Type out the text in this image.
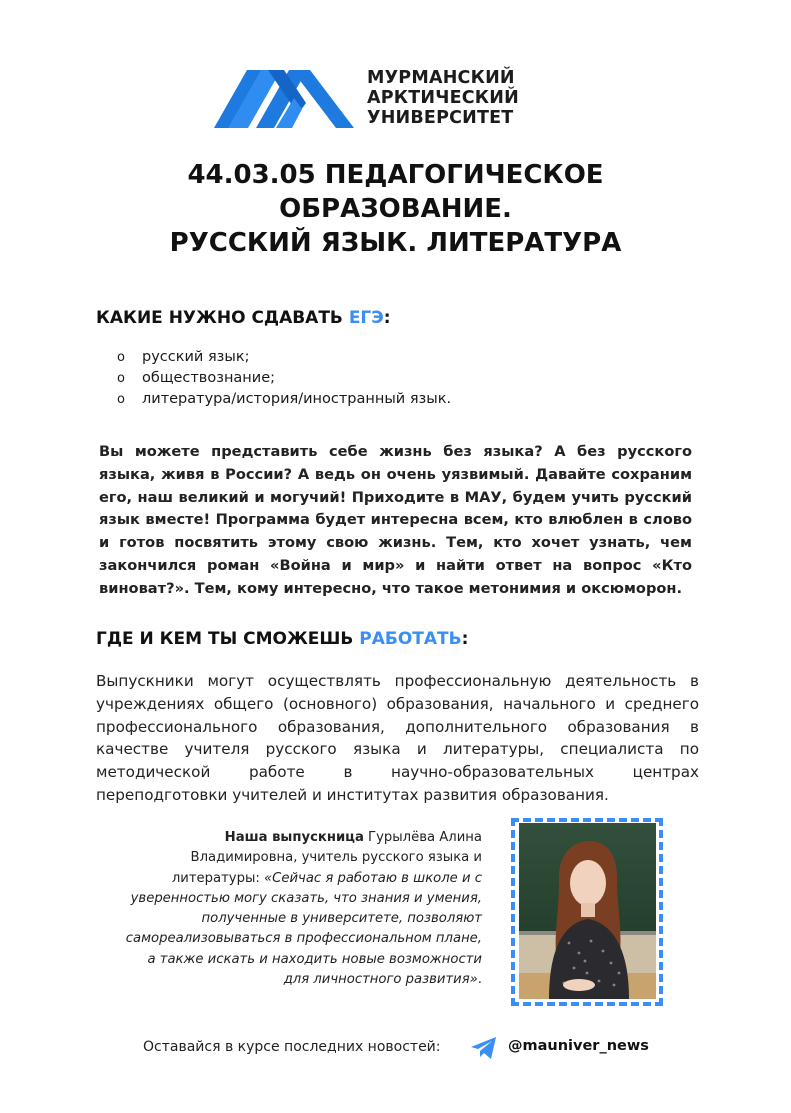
МУРМАНСКИЙ
АРКТИЧЕСКИЙ
УНИВЕРСИТЕТ
44.03.05 ПЕДАГОГИЧЕСКОЕ
ОБРАЗОВАНИЕ.
РУССКИЙ ЯЗЫК. ЛИТЕРАТУРА
КАКИЕ НУЖНО СДАВАТЬ ЕГЭ:
o русский язык;
o обществознание;
o литература/история/иностранный язык.
Вы можете представить себе жизнь без языка? А без русского языка, живя в России? А ведь он очень уязвимый. Давайте сохраним его, наш великий и могучий! Приходите в МАУ, будем учить русский язык вместе! Программа будет интересна всем, кто влюблен в слово и готов посвятить этому свою жизнь. Тем, кто хочет узнать, чем закончился роман «Война и мир» и найти ответ на вопрос «Кто виноват?». Тем, кому интересно, что такое метонимия и оксюморон.
ГДЕ И КЕМ ТЫ СМОЖЕШЬ РАБОТАТЬ:
Выпускники могут осуществлять профессиональную деятельность в учреждениях общего (основного) образования, начального и среднего профессионального образования, дополнительного образования в качестве учителя русского языка и литературы, специалиста по методической работе в научно-образовательных центрах переподготовки учителей и институтах развития образования.
Наша выпускница Гурылёва Алина Владимировна, учитель русского языка и литературы: «Сейчас я работаю в школе и с уверенностью могу сказать, что знания и умения, полученные в университете, позволяют самореализовываться в профессиональном плане, а также искать и находить новые возможности для личностного развития».
Оставайся в курсе последних новостей:	@mauniver_news
